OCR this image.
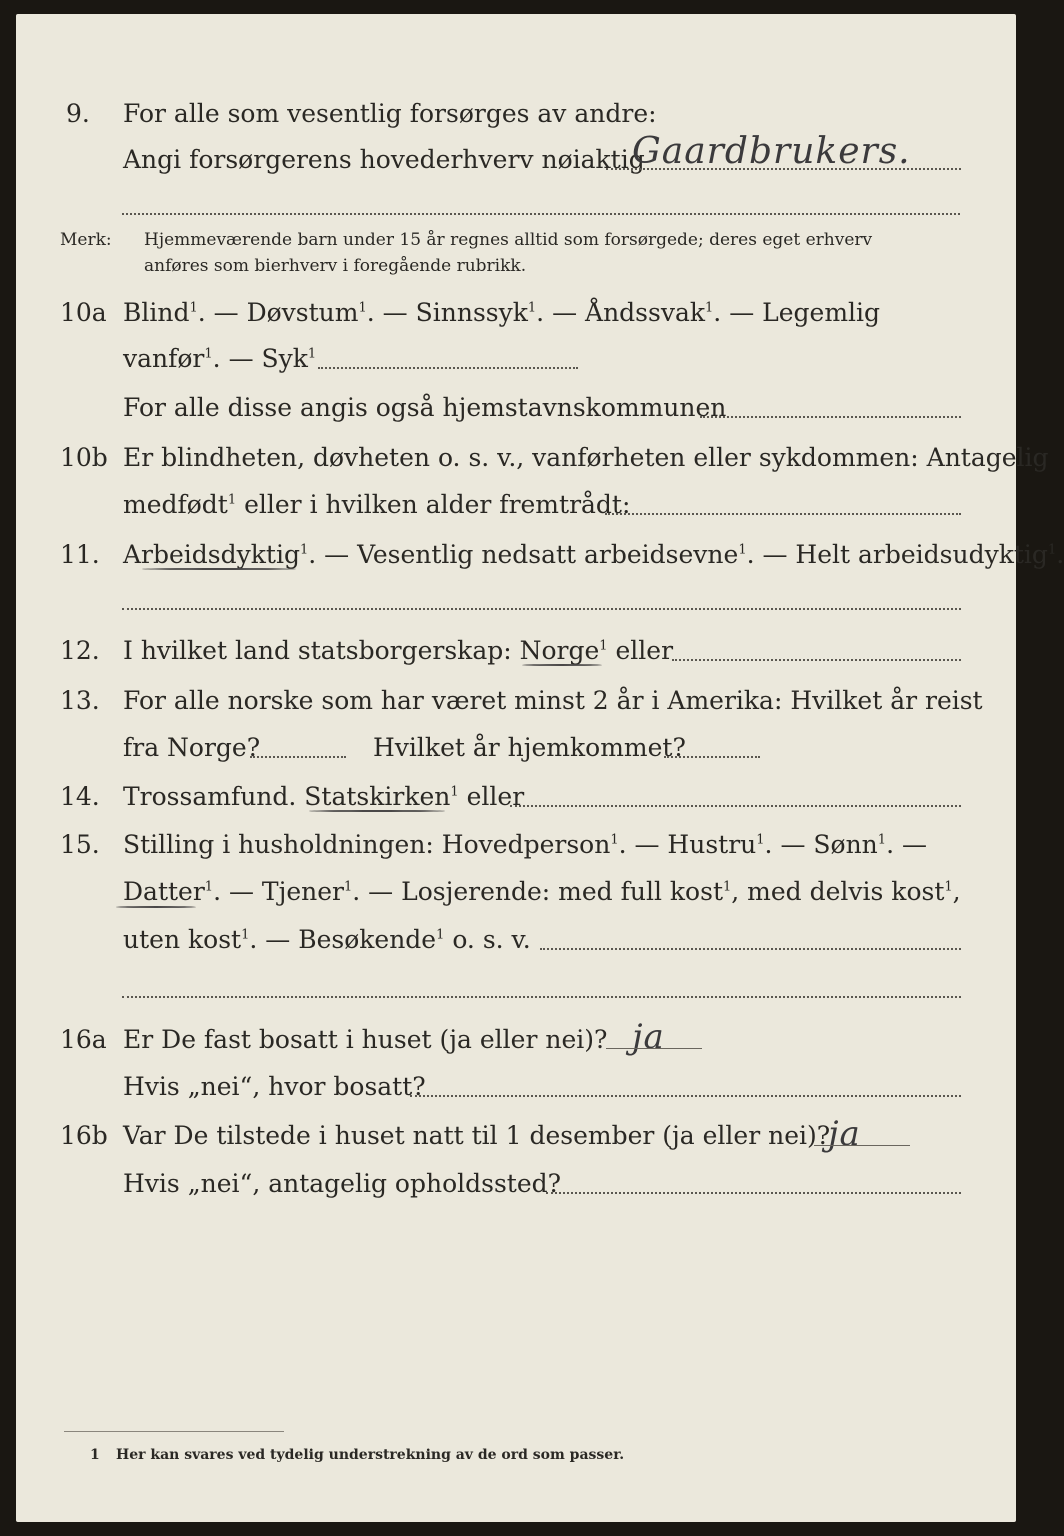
9. For alle som vesentlig forsørges av andre:
Angi forsørgerens hovederhverv nøiaktig
Gaardbrukers.
Merk: Hjemmeværende barn under 15 år regnes alltid som forsørgede; deres eget erhverv
anføres som bierhverv i foregående rubrikk.
10a Blind$^1$. — Døvstum$^1$. — Sinnssyk$^1$. — Åndssvak$^1$. — Legemlig
vanfør$^1$. — Syk$^1$
For alle disse angis også hjemstavnskommunen
10b Er blindheten, døvheten o. s. v., vanførheten eller sykdommen: Antagelig
medfødt$^1$ eller i hvilken alder fremtrådt:
11. Arbeidsdyktig$^1$. — Vesentlig nedsatt arbeidsevne$^1$. — Helt arbeidsudyktig$^1$.
12. I hvilket land statsborgerskap: Norge$^1$ eller
13. For alle norske som har været minst 2 år i Amerika: Hvilket år reist
fra Norge?	Hvilket år hjemkommet?
14. Trossamfund. Statskirken$^1$ eller
15. Stilling i husholdningen: Hovedperson$^1$. — Hustru$^1$. — Sønn$^1$. —
Datter$^1$. — Tjener$^1$. — Losjerende: med full kost$^1$, med delvis kost$^1$,
uten kost$^1$. — Besøkende$^1$ o. s. v.
16a Er De fast bosatt i huset (ja eller nei)? ja
Hvis „nei“, hvor bosatt?
16b Var De tilstede i huset natt til 1 desember (ja eller nei)?
ja
Hvis „nei“, antagelig opholdssted?
1 Her kan svares ved tydelig understrekning av de ord som passer.
